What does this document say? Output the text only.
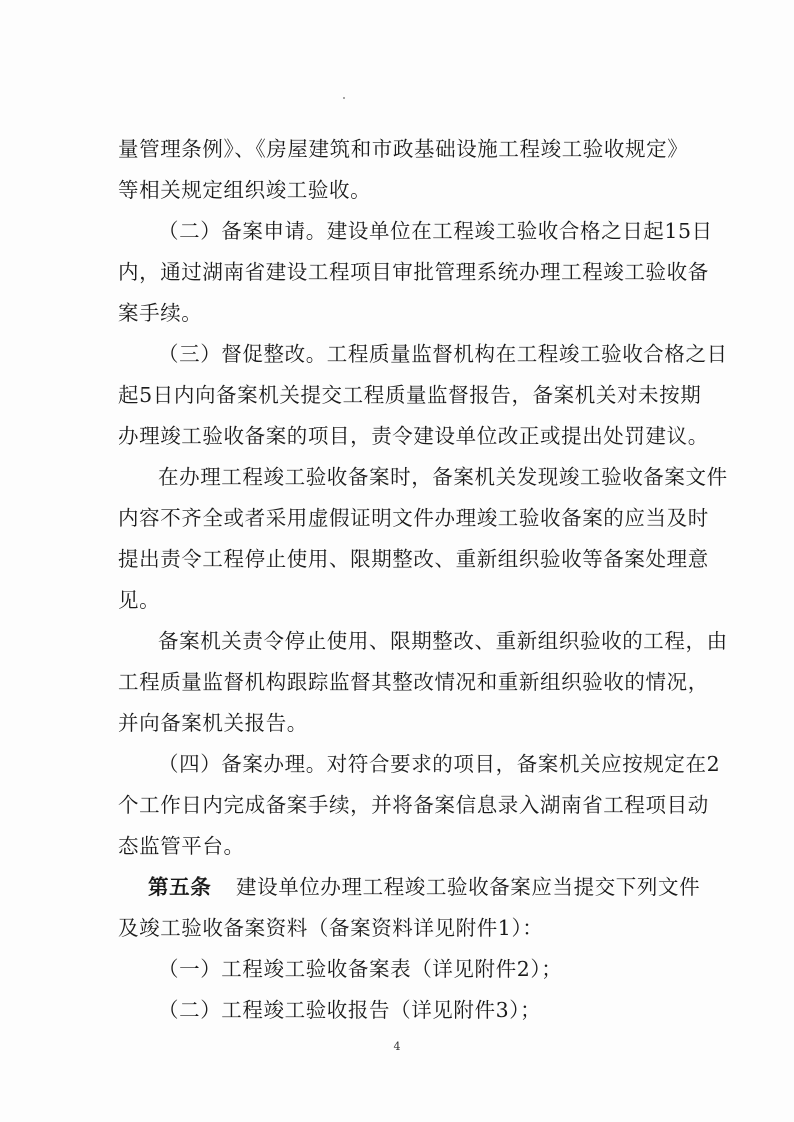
量管理条例》、《房屋建筑和市政基础设施工程竣工验收规定》
等相关规定组织竣工验收。
（二）备案申请。建设单位在工程竣工验收合格之日起15日
内，通过湖南省建设工程项目审批管理系统办理工程竣工验收备
案手续。
（三）督促整改。工程质量监督机构在工程竣工验收合格之日
起5日内向备案机关提交工程质量监督报告，备案机关对未按期
办理竣工验收备案的项目，责令建设单位改正或提出处罚建议。
在办理工程竣工验收备案时，备案机关发现竣工验收备案文件
内容不齐全或者采用虚假证明文件办理竣工验收备案的应当及时
提出责令工程停止使用、限期整改、重新组织验收等备案处理意
见。
备案机关责令停止使用、限期整改、重新组织验收的工程，由
工程质量监督机构跟踪监督其整改情况和重新组织验收的情况，
并向备案机关报告。
（四）备案办理。对符合要求的项目，备案机关应按规定在2
个工作日内完成备案手续，并将备案信息录入湖南省工程项目动
态监管平台。
第五条	建设单位办理工程竣工验收备案应当提交下列文件
及竣工验收备案资料（备案资料详见附件1）：
（一）工程竣工验收备案表（详见附件2）；
（二）工程竣工验收报告（详见附件3）；
4
